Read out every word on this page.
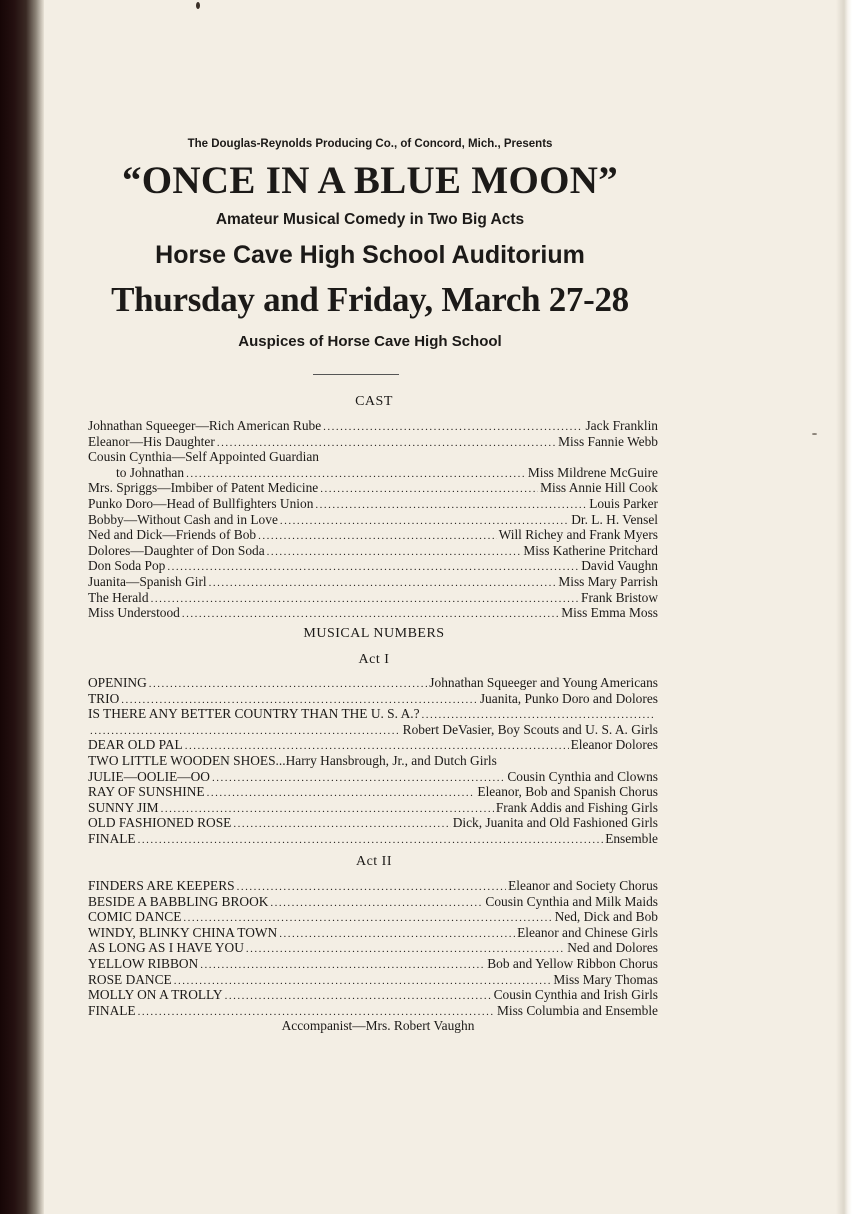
The Douglas-Reynolds Producing Co., of Concord, Mich., Presents
“ONCE IN A BLUE MOON”
Amateur Musical Comedy in Two Big Acts
Horse Cave High School Auditorium
Thursday and Friday, March 27-28
Auspices of Horse Cave High School
CAST
Johnathan Squeeger—Rich American Rube .....	Jack Franklin
Eleanor—His Daughter .....	Miss Fannie Webb
Cousin Cynthia—Self Appointed Guardian
to Johnathan .....	Miss Mildrene McGuire
Mrs. Spriggs—Imbiber of Patent Medicine .....	Miss Annie Hill Cook
Punko Doro—Head of Bullfighters Union .....	Louis Parker
Bobby—Without Cash and in Love .....	Dr. L. H. Vensel
Ned and Dick—Friends of Bob .....	Will Richey and Frank Myers
Dolores—Daughter of Don Soda .....	Miss Katherine Pritchard
Don Soda Pop .....	David Vaughn
Juanita—Spanish Girl .....	Miss Mary Parrish
The Herald .....	Frank Bristow
Miss Understood .....	Miss Emma Moss
MUSICAL NUMBERS
Act I
OPENING .....	Johnathan Squeeger and Young Americans
TRIO .....	Juanita, Punko Doro and Dolores
IS THERE ANY BETTER COUNTRY THAN THE U. S. A.?
.....
.....
Robert DeVasier, Boy Scouts and U. S. A. Girls
DEAR OLD PAL .....	Eleanor Dolores
TWO LITTLE WOODEN SHOES...Harry Hansbrough, Jr., and Dutch Girls
JULIE—OOLIE—OO .....	Cousin Cynthia and Clowns
RAY OF SUNSHINE .....	Eleanor, Bob and Spanish Chorus
SUNNY JIM .....	Frank Addis and Fishing Girls
OLD FASHIONED ROSE .....	Dick, Juanita and Old Fashioned Girls
FINALE .....	Ensemble
Act II
FINDERS ARE KEEPERS .....	Eleanor and Society Chorus
BESIDE A BABBLING BROOK .....	Cousin Cynthia and Milk Maids
COMIC DANCE .....	Ned, Dick and Bob
WINDY, BLINKY CHINA TOWN .....	Eleanor and Chinese Girls
AS LONG AS I HAVE YOU .....	Ned and Dolores
YELLOW RIBBON .....	Bob and Yellow Ribbon Chorus
ROSE DANCE .....	Miss Mary Thomas
MOLLY ON A TROLLY .....	Cousin Cynthia and Irish Girls
FINALE .....	Miss Columbia and Ensemble
Accompanist—Mrs. Robert Vaughn
